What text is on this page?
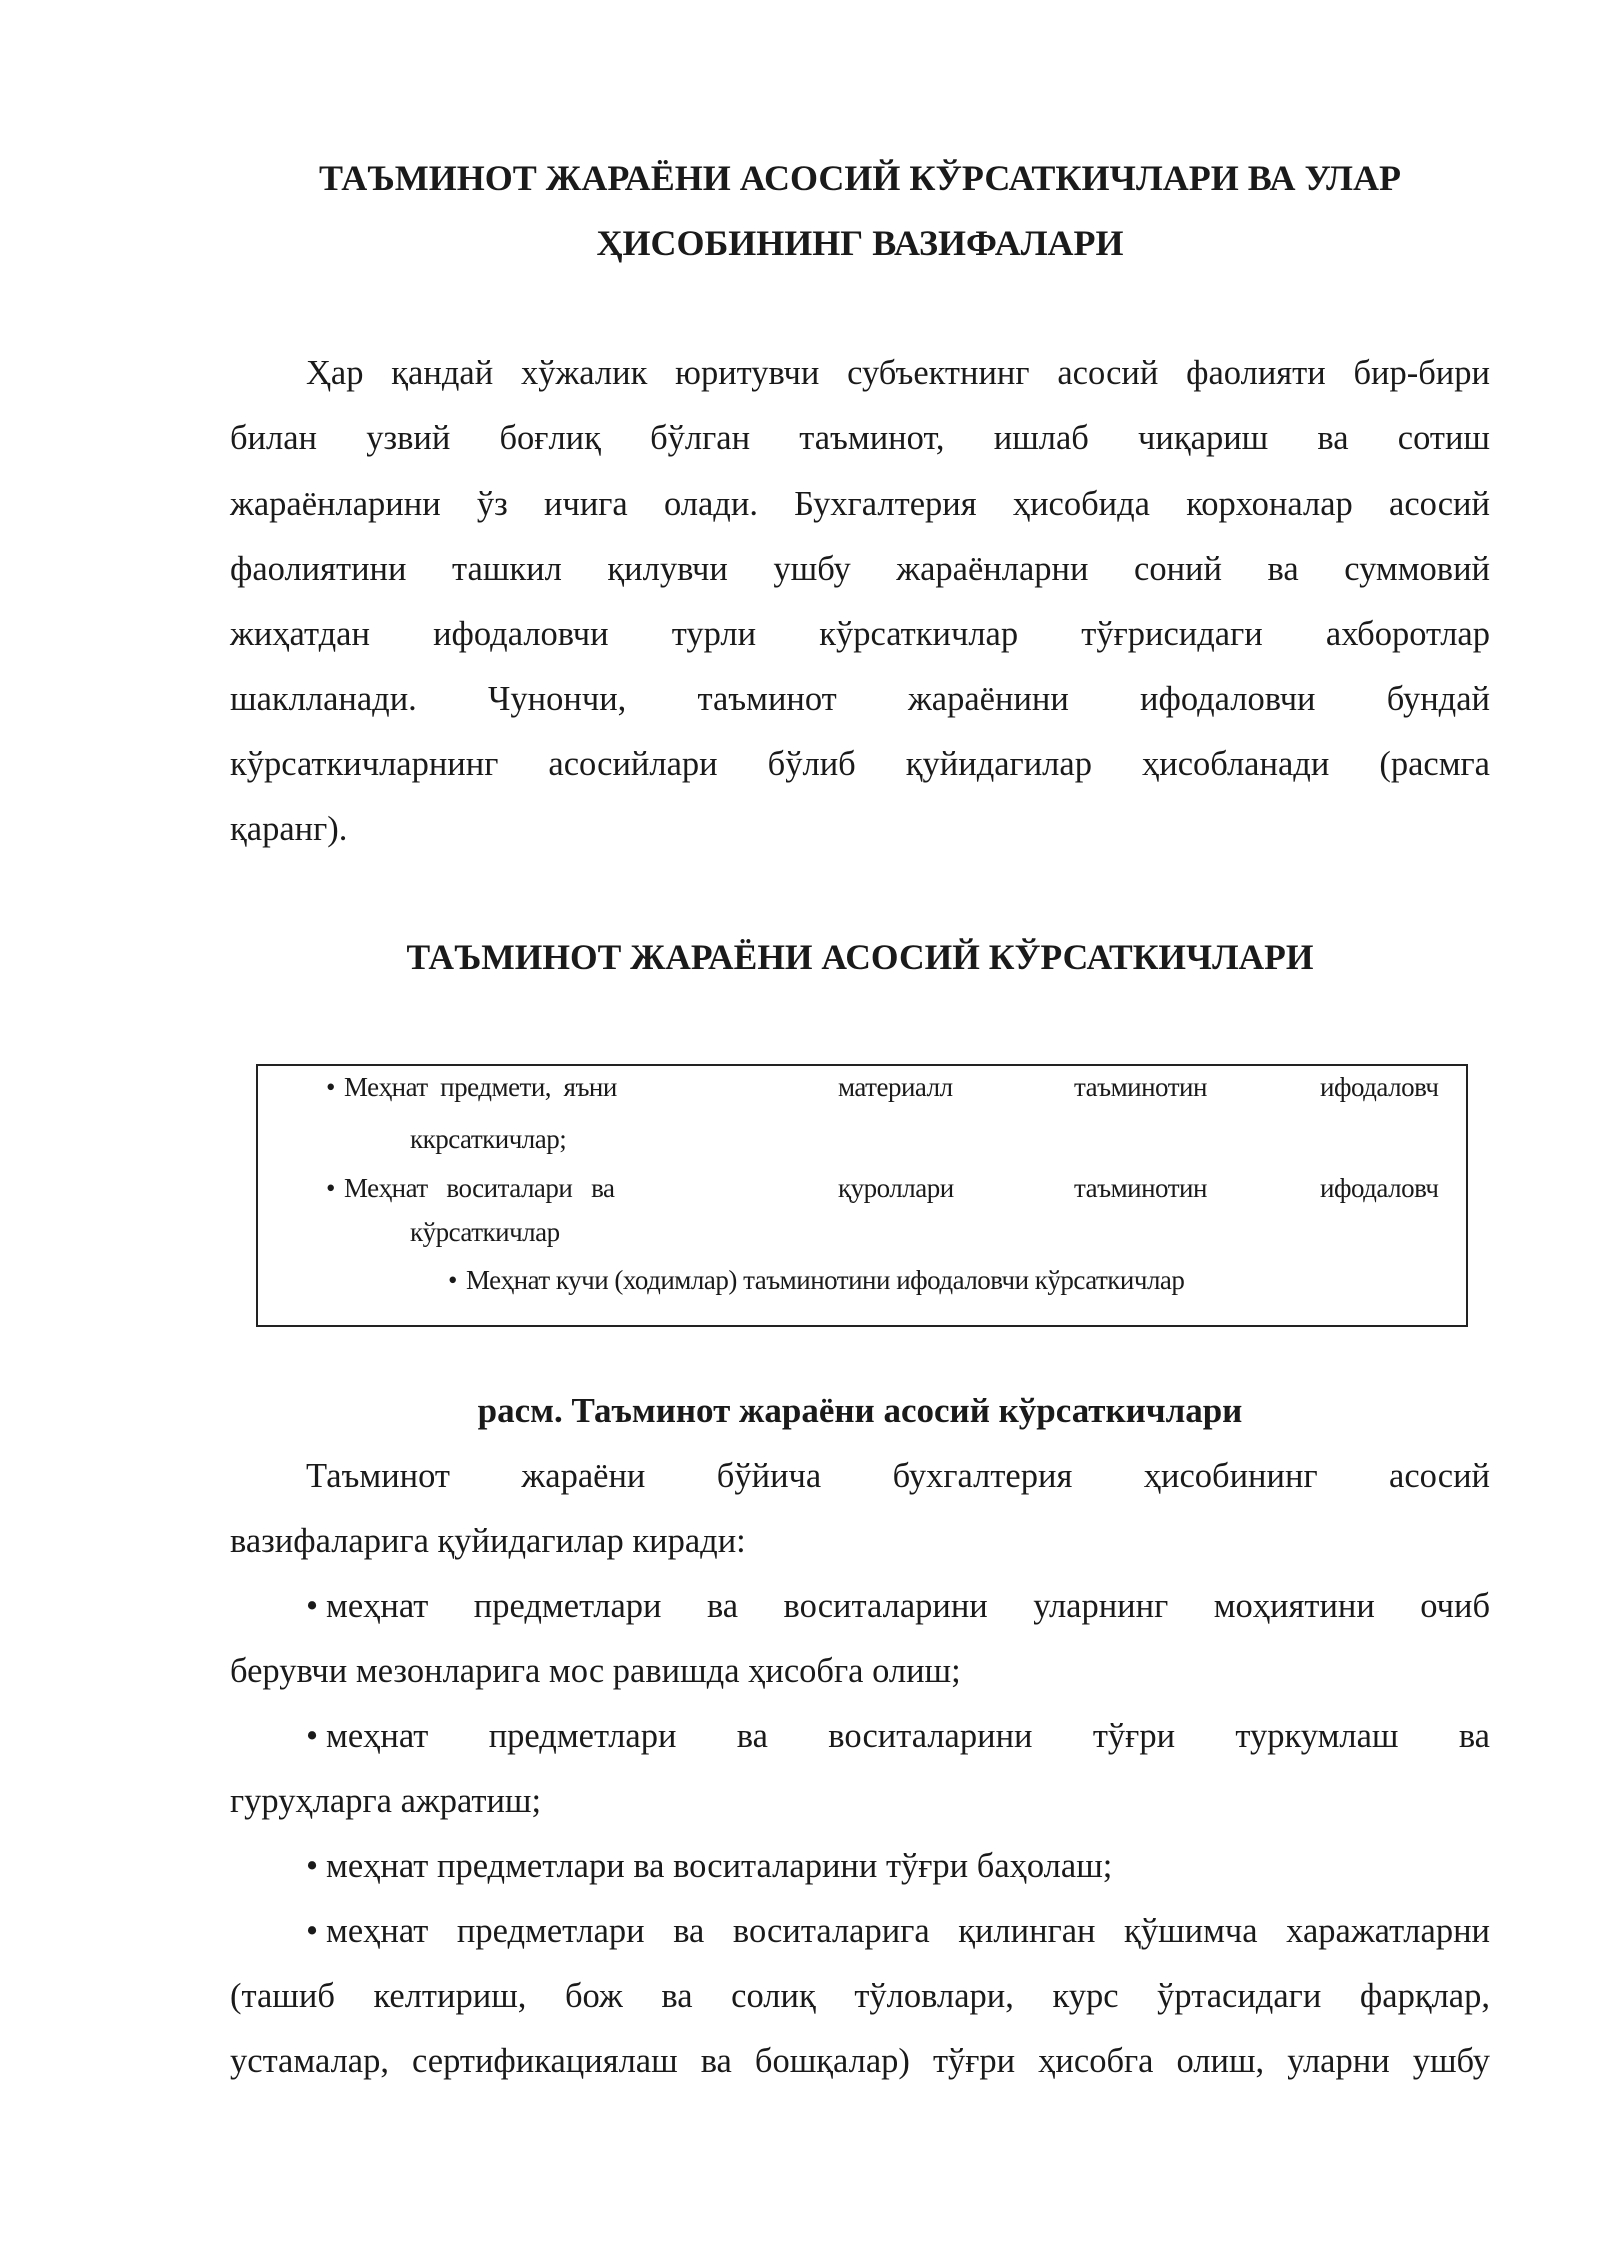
ТАЪМИНОТ ЖАРАЁНИ АСОСИЙ КЎРСАТКИЧЛАРИ ВА УЛАР
ҲИСОБИНИНГ ВАЗИФАЛАРИ
Ҳар қандай хўжалик юритувчи субъектнинг асосий фаолияти бир-бири
билан узвий боғлиқ бўлган таъминот, ишлаб чиқариш ва сотиш
жараёнларини ўз ичига олади. Бухгалтерия ҳисобида корхоналар асосий
фаолиятини ташкил қилувчи ушбу жараёнларни соний ва суммовий
жиҳатдан ифодаловчи турли кўрсаткичлар тўғрисидаги ахборотлар
шаклланади. Чунончи, таъминот жараёнини ифодаловчи бундай
кўрсаткичларнинг асосийлари бўлиб қуйидагилар ҳисобланади (расмга
қаранг).
ТАЪМИНОТ ЖАРАЁНИ АСОСИЙ КЎРСАТКИЧЛАРИ
• Меҳнат  предмети,  яъни	материалл	таъминотин	ифодаловч
ккрсаткичлар;
• Меҳнат   воситалари   ва	қуроллари	таъминотин	ифодаловч
кўрсаткичлар
• Меҳнат кучи (ходимлар) таъминотини ифодаловчи кўрсаткичлар
расм. Таъминот жараёни асосий кўрсаткичлари
Таъминот жараёни бўйича бухгалтерия ҳисобининг асосий
вазифаларига қуйидагилар киради:
• меҳнат предметлари ва воситаларини уларнинг моҳиятини очиб
берувчи мезонларига мос равишда ҳисобга олиш;
• меҳнат предметлари ва воситаларини тўғри туркумлаш ва
гуруҳларга ажратиш;
• меҳнат предметлари ва воситаларини тўғри баҳолаш;
• меҳнат предметлари ва воситаларига қилинган қўшимча харажатларни
(ташиб келтириш, бож ва солиқ тўловлари, курс ўртасидаги фарқлар,
устамалар, сертификациялаш ва бошқалар) тўғри ҳисобга олиш, уларни ушбу
